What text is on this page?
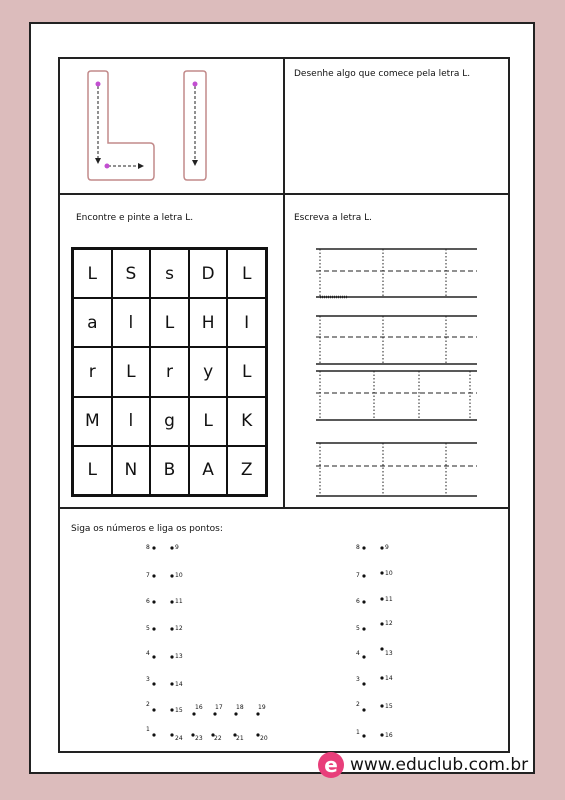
Desenhe algo que comece pela letra L.
Encontre e pinte a letra L.	Escreva a letra L.
Siga os números e liga os pontos:
L	S	s	D	L
a	l	L	H	I
r	L	r	y	L
M	l	g	L	K
L	N	B	A	Z
8	9
7	10
6	11
5	12
4	13
3
14
2
15 16 17 18 19
1
24 23 22 21	20
8	9
7	10
6	11
5
12
4	13
3	14
2	15
1	16
e www.educlub.com.br
